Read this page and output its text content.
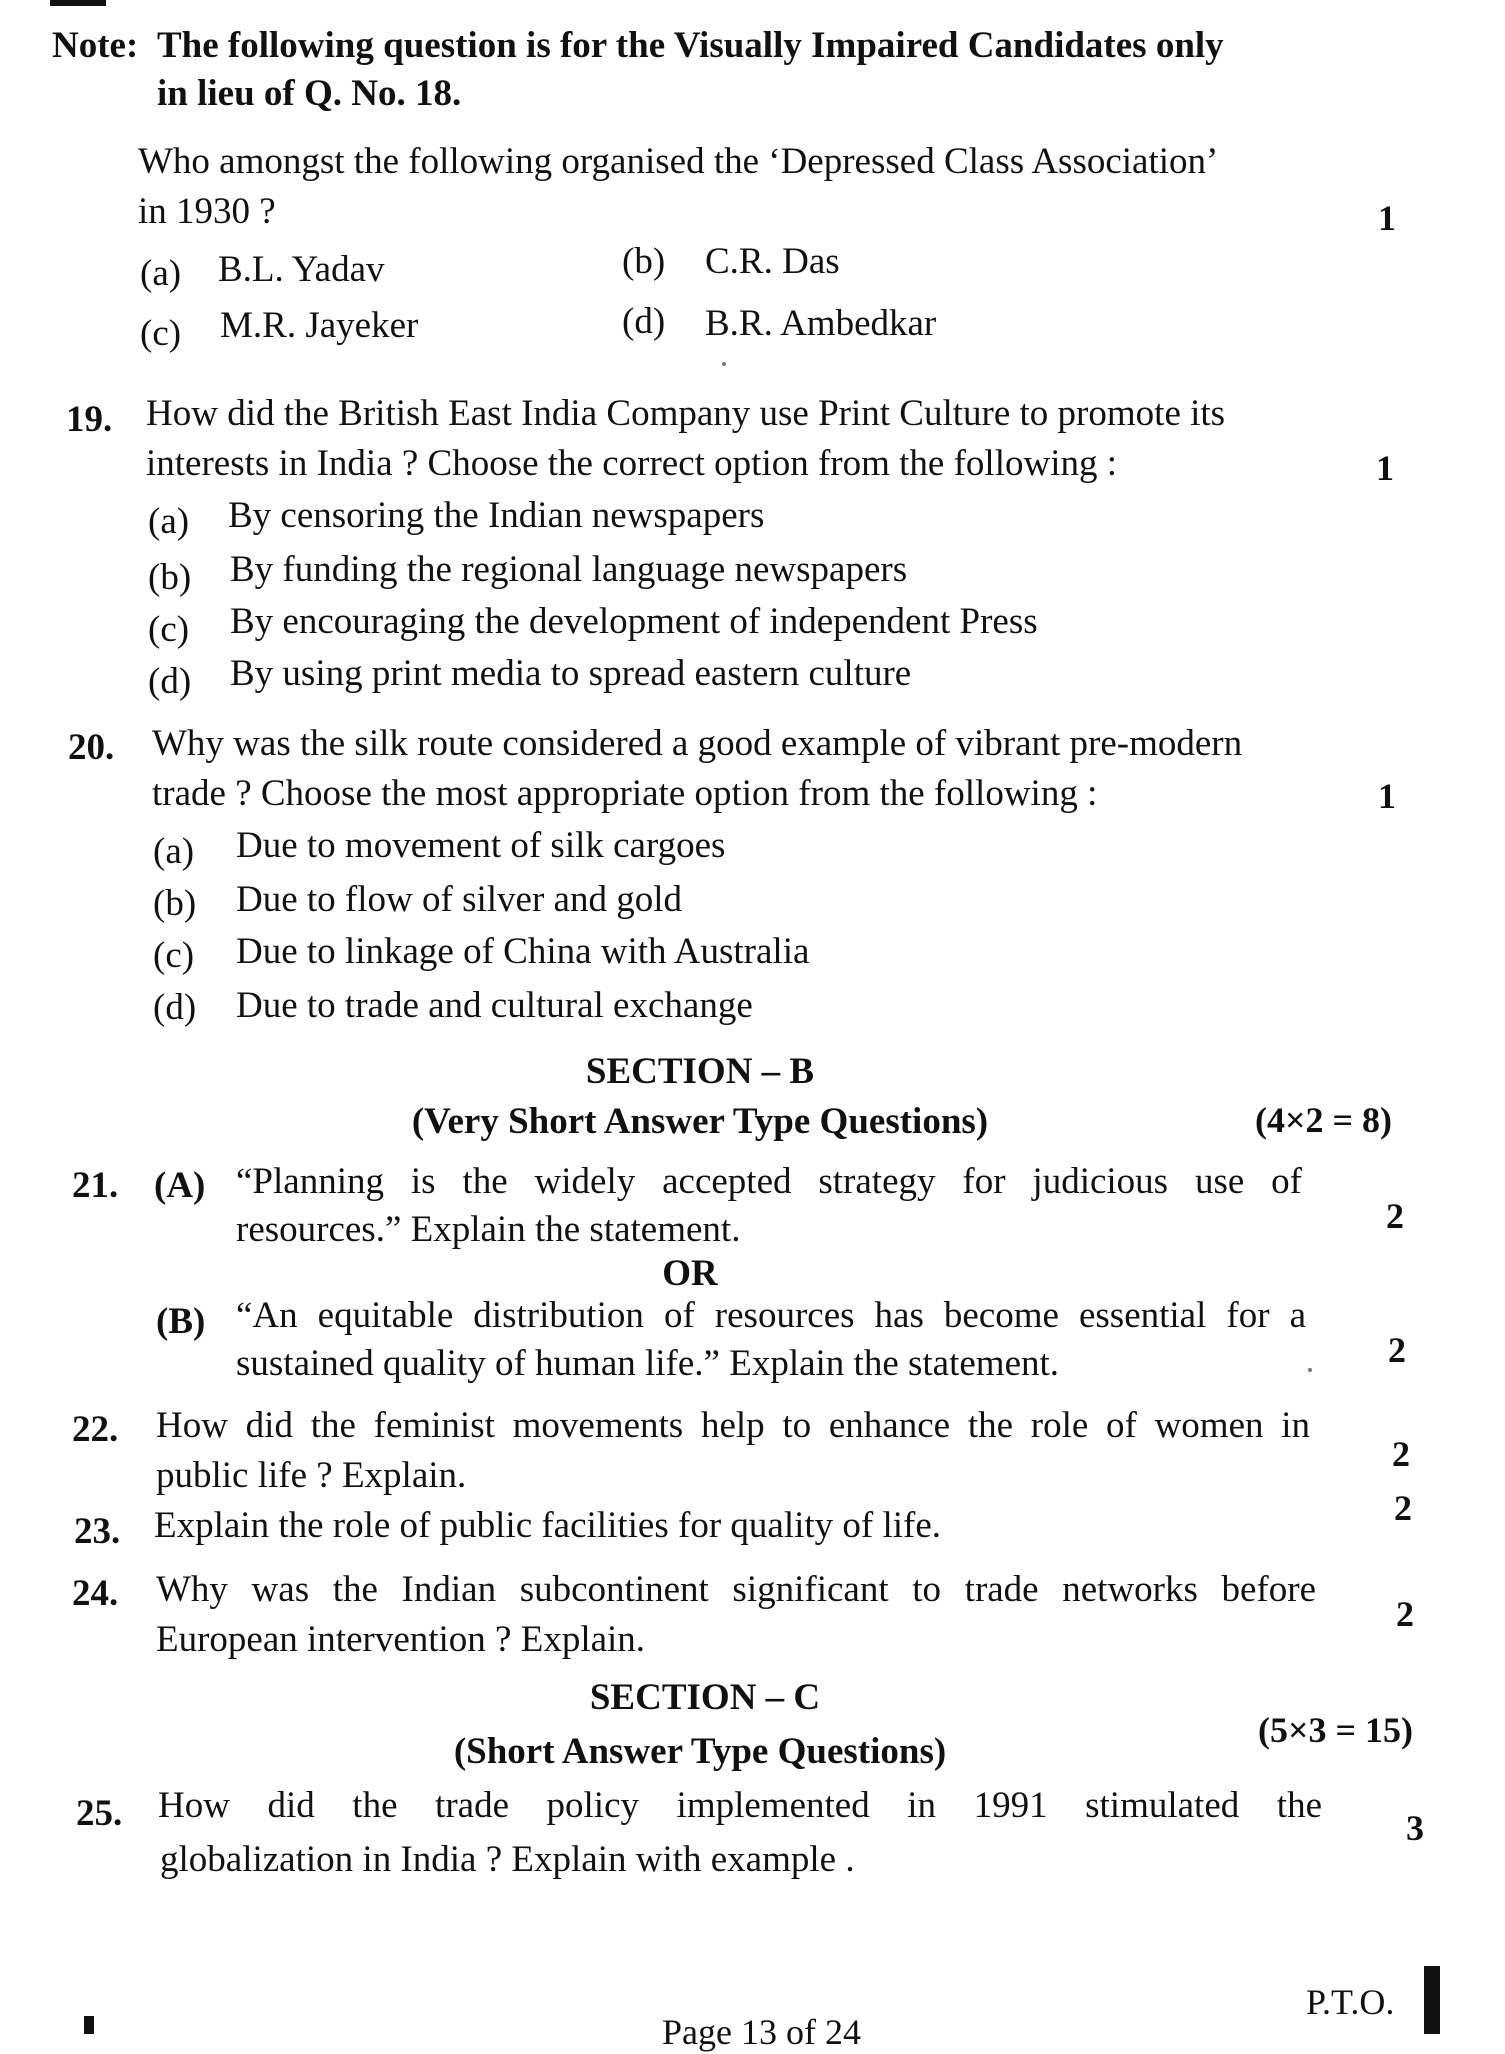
Note: The following question is for the Visually Impaired Candidates only
in lieu of Q. No. 18.
Who amongst the following organised the ‘Depressed Class Association’
in 1930 ?	1
(a) B.L. Yadav	(b) C.R. Das
(c) M.R. Jayeker	(d) B.R. Ambedkar
19. How did the British East India Company use Print Culture to promote its
interests in India ? Choose the correct option from the following :	1
(a) By censoring the Indian newspapers
(b) By funding the regional language newspapers
(c) By encouraging the development of independent Press
(d) By using print media to spread eastern culture
20. Why was the silk route considered a good example of vibrant pre-modern
trade ? Choose the most appropriate option from the following :	1
(a) Due to movement of silk cargoes
(b) Due to flow of silver and gold
(c) Due to linkage of China with Australia
(d) Due to trade and cultural exchange
SECTION – B
(Very Short Answer Type Questions)	(4×2 = 8)
21. (A) “Planning is the widely accepted strategy for judicious use of
resources.” Explain the statement.	2
OR
(B) “An equitable distribution of resources has become essential for a
sustained quality of human life.” Explain the statement.	2
22. How did the feminist movements help to enhance the role of women in
public life ? Explain.
2
23. Explain the role of public facilities for quality of life.	2
24. Why was the Indian subcontinent significant to trade networks before
European intervention ? Explain.
2
SECTION – C
(Short Answer Type Questions)
(5×3 = 15)
25. How did the trade policy implemented in 1991 stimulated the
globalization in India ? Explain with example .
3
Page 13 of 24
P.T.O.
